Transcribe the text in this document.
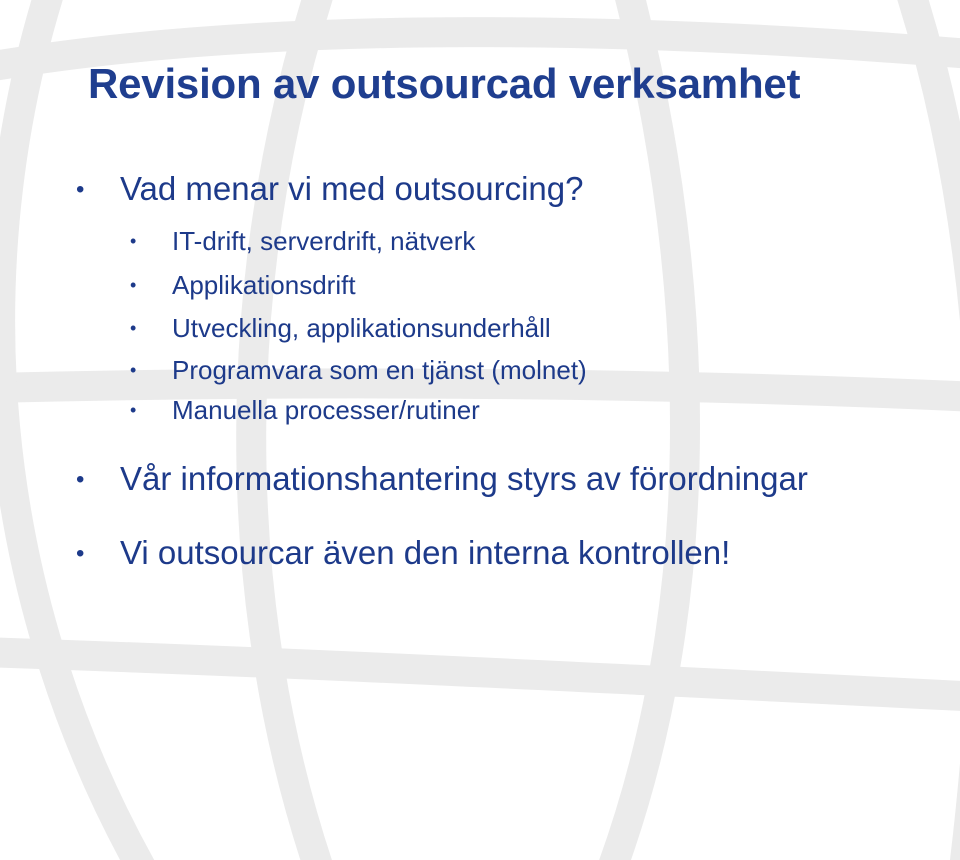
Revision av outsourcad verksamhet
• Vad menar vi med outsourcing?
• IT-drift, serverdrift, nätverk
• Applikationsdrift
• Utveckling, applikationsunderhåll
• Programvara som en tjänst (molnet)
• Manuella processer/rutiner
• Vår informationshantering styrs av förordningar
• Vi outsourcar även den interna kontrollen!
